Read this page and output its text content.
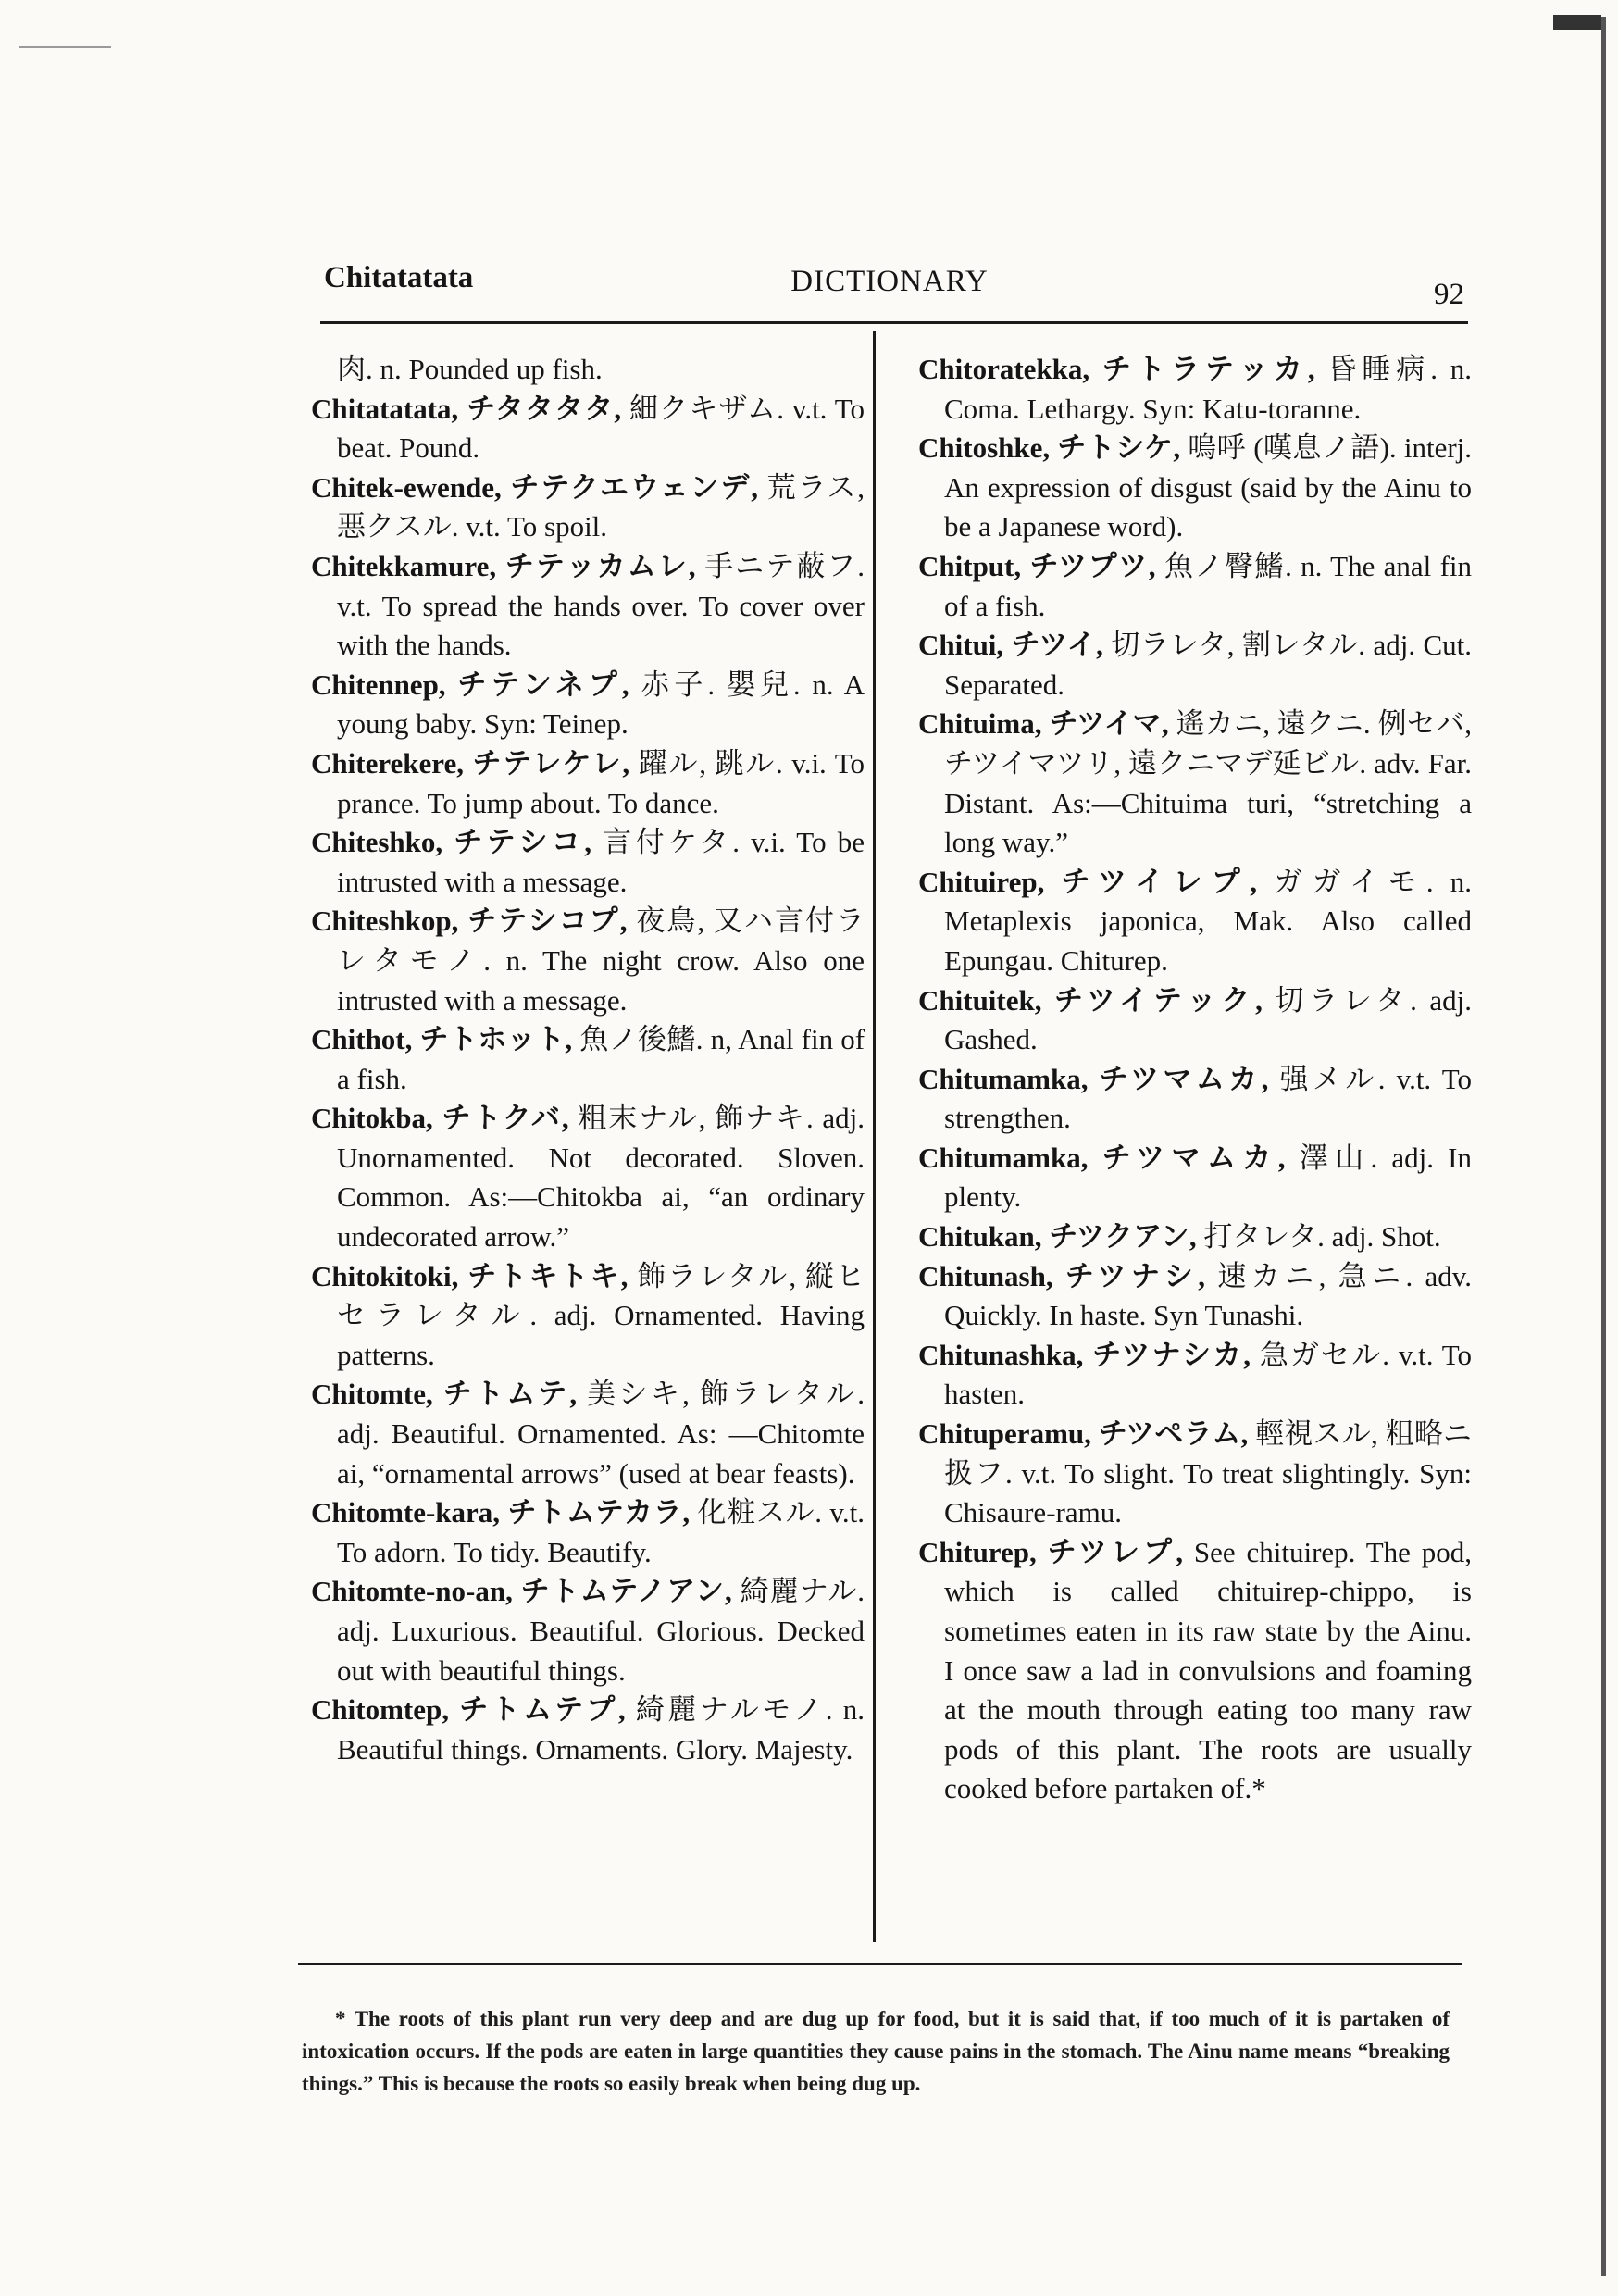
Chitatatata	DICTIONARY	92

肉. n. Pounded up fish.

Chitatatata, チタタタタ, 細クキザム. v.t. To beat. Pound.

Chitek-ewende, チテクエウェンデ, 荒ラス, 悪クスル. v.t. To spoil.

Chitekkamure, チテッカムレ, 手ニテ蔽フ. v.t. To spread the hands over. To cover over with the hands.

Chitennep, チテンネプ, 赤子. 嬰兒. n. A young baby. Syn: Teinep.

Chiterekere, チテレケレ, 躍ル, 跳ル. v.i. To prance. To jump about. To dance.

Chiteshko, チテシコ, 言付ケタ. v.i. To be intrusted with a message.

Chiteshkop, チテシコプ, 夜鳥, 又ハ言付ラレタモノ. n. The night crow. Also one intrusted with a message.

Chithot, チトホット, 魚ノ後鰭. n, Anal fin of a fish.

Chitokba, チトクバ, 粗末ナル, 飾ナキ. adj. Unornamented. Not decorated. Sloven. Common. As:—Chitokba ai, “an ordinary undecorated arrow.”

Chitokitoki, チトキトキ, 飾ラレタル, 縦ヒセラレタル. adj. Ornamented. Having patterns.

Chitomte, チトムテ, 美シキ, 飾ラレタル. adj. Beautiful. Ornamented. As: —Chitomte ai, “ornamental arrows” (used at bear feasts).

Chitomte-kara, チトムテカラ, 化粧スル. v.t. To adorn. To tidy. Beautify.

Chitomte-no-an, チトムテノアン, 綺麗ナル. adj. Luxurious. Beautiful. Glorious. Decked out with beautiful things.

Chitomtep, チトムテプ, 綺麗ナルモノ. n. Beautiful things. Ornaments. Glory. Majesty.

Chitoratekka, チトラテッカ, 昏睡病. n. Coma. Lethargy. Syn: Katu-toranne.

Chitoshke, チトシケ, 嗚呼 (嘆息ノ語). interj. An expression of disgust (said by the Ainu to be a Japanese word).

Chitput, チツプツ, 魚ノ臀鰭. n. The anal fin of a fish.

Chitui, チツイ, 切ラレタ, 割レタル. adj. Cut. Separated.

Chituima, チツイマ, 遙カニ, 遠クニ. 例セバ, チツイマツリ, 遠クニマデ延ビル. adv. Far. Distant. As:—Chituima turi, “stretching a long way.”

Chituirep, チツイレプ, ガガイモ. n. Metaplexis japonica, Mak. Also called Epungau. Chiturep.

Chituitek, チツイテック, 切ラレタ. adj. Gashed.

Chitumamka, チツマムカ, 强メル. v.t. To strengthen.

Chitumamka, チツマムカ, 澤山. adj. In plenty.

Chitukan, チツクアン, 打タレタ. adj. Shot.

Chitunash, チツナシ, 速カニ, 急ニ. adv. Quickly. In haste. Syn Tunashi.

Chitunashka, チツナシカ, 急ガセル. v.t. To hasten.

Chituperamu, チツペラム, 輕視スル, 粗略ニ扱フ. v.t. To slight. To treat slightingly. Syn: Chisaure-ramu.

Chiturep, チツレプ, See chituirep. The pod, which is called chituirep-chippo, is sometimes eaten in its raw state by the Ainu. I once saw a lad in convulsions and foaming at the mouth through eating too many raw pods of this plant. The roots are usually cooked before partaken of.*

* The roots of this plant run very deep and are dug up for food, but it is said that, if too much of it is partaken of intoxication occurs. If the pods are eaten in large quantities they cause pains in the stomach. The Ainu name means “breaking things.” This is because the roots so easily break when being dug up.
